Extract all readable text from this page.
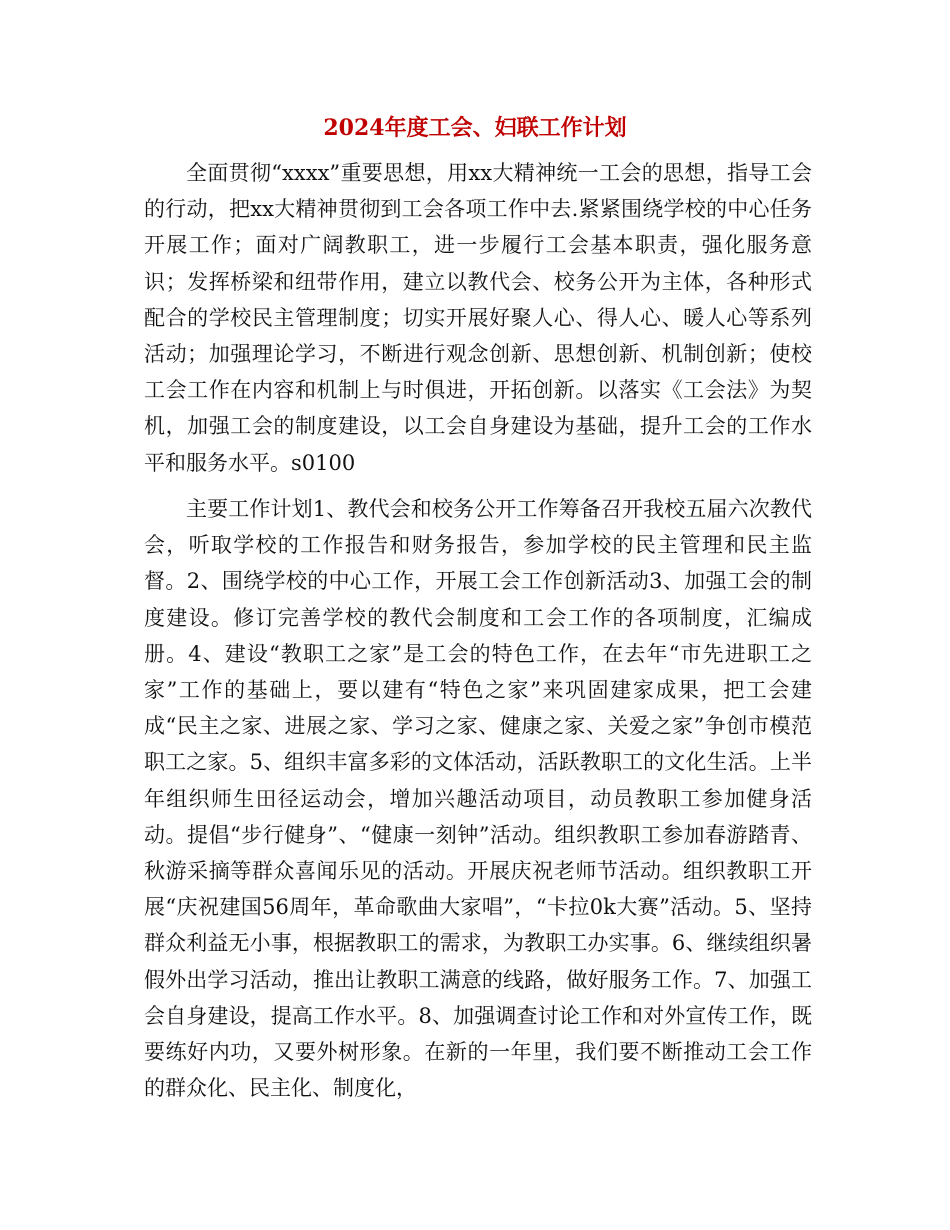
2024年度工会、妇联工作计划

全面贯彻“xxxx”重要思想，用xx大精神统一工会的思想，指导工会的行动，把xx大精神贯彻到工会各项工作中去.紧紧围绕学校的中心任务开展工作；面对广阔教职工，进一步履行工会基本职责，强化服务意识；发挥桥梁和纽带作用，建立以教代会、校务公开为主体，各种形式配合的学校民主管理制度；切实开展好聚人心、得人心、暖人心等系列活动；加强理论学习，不断进行观念创新、思想创新、机制创新；使校工会工作在内容和机制上与时俱进，开拓创新。以落实《工会法》为契机，加强工会的制度建设，以工会自身建设为基础，提升工会的工作水平和服务水平。s0100

主要工作计划1、教代会和校务公开工作筹备召开我校五届六次教代会，听取学校的工作报告和财务报告，参加学校的民主管理和民主监督。2、围绕学校的中心工作，开展工会工作创新活动3、加强工会的制度建设。修订完善学校的教代会制度和工会工作的各项制度，汇编成册。4、建设“教职工之家”是工会的特色工作，在去年“市先进职工之家”工作的基础上，要以建有“特色之家”来巩固建家成果，把工会建成“民主之家、进展之家、学习之家、健康之家、关爱之家”争创市模范职工之家。5、组织丰富多彩的文体活动，活跃教职工的文化生活。上半年组织师生田径运动会，增加兴趣活动项目，动员教职工参加健身活动。提倡“步行健身”、“健康一刻钟”活动。组织教职工参加春游踏青、秋游采摘等群众喜闻乐见的活动。开展庆祝老师节活动。组织教职工开展“庆祝建国56周年，革命歌曲大家唱”，“卡拉0k大赛”活动。5、坚持群众利益无小事，根据教职工的需求，为教职工办实事。6、继续组织暑假外出学习活动，推出让教职工满意的线路，做好服务工作。7、加强工会自身建设，提高工作水平。8、加强调查讨论工作和对外宣传工作，既要练好内功，又要外树形象。在新的一年里，我们要不断推动工会工作的群众化、民主化、制度化，
